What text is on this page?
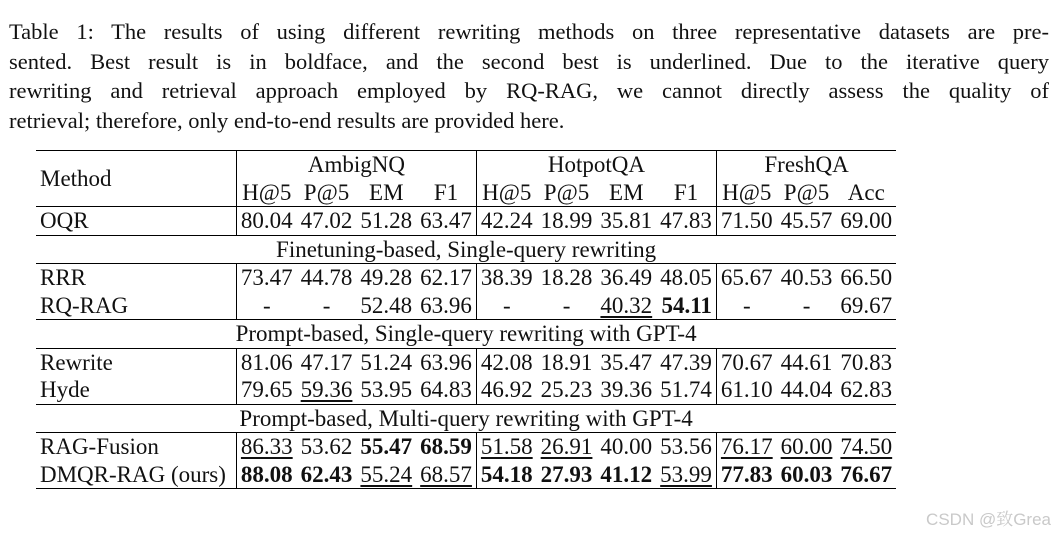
Table 1: The results of using different rewriting methods on three representative datasets are pre-
sented. Best result is in boldface, and the second best is underlined. Due to the iterative query
rewriting and retrieval approach employed by RQ-RAG, we cannot directly assess the quality of
retrieval; therefore, only end-to-end results are provided here.
Method	AmbigNQ				HotpotQA				FreshQA		
	H@5	P@5	EM	F1	H@5	P@5	EM	F1	H@5	P@5	Acc
OQR	80.04	47.02	51.28	63.47	42.24	18.99	35.81	47.83	71.50	45.57	69.00
Finetuning-based, Single-query rewriting											
RRR	73.47	44.78	49.28	62.17	38.39	18.28	36.49	48.05	65.67	40.53	66.50
RQ-RAG	-	-	52.48	63.96	-	-	40.32	54.11	-	-	69.67
Prompt-based, Single-query rewriting with GPT-4											
Rewrite	81.06	47.17	51.24	63.96	42.08	18.91	35.47	47.39	70.67	44.61	70.83
Hyde	79.65	59.36	53.95	64.83	46.92	25.23	39.36	51.74	61.10	44.04	62.83
Prompt-based, Multi-query rewriting with GPT-4											
RAG-Fusion	86.33	53.62	55.47	68.59	51.58	26.91	40.00	53.56	76.17	60.00	74.50
DMQR-RAG (ours)	88.08	62.43	55.24	68.57	54.18	27.93	41.12	53.99	77.83	60.03	76.67
CSDN @致Grea
